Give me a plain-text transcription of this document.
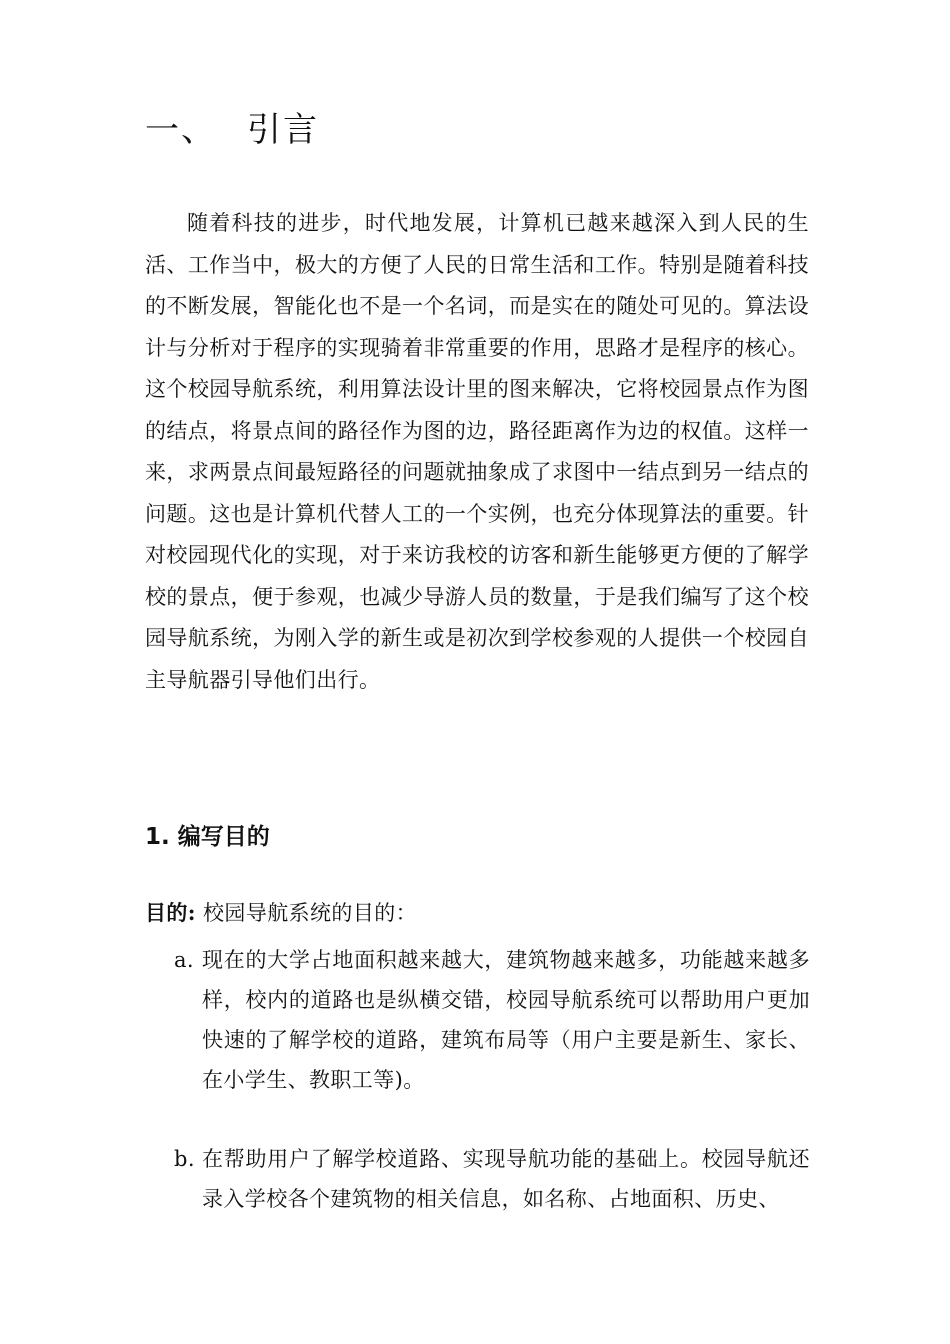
一、 引言

随着科技的进步，时代地发展，计算机已越来越深入到人民的生活、工作当中，极大的方便了人民的日常生活和工作。特别是随着科技的不断发展，智能化也不是一个名词，而是实在的随处可见的。算法设计与分析对于程序的实现骑着非常重要的作用，思路才是程序的核心。这个校园导航系统，利用算法设计里的图来解决，它将校园景点作为图的结点，将景点间的路径作为图的边，路径距离作为边的权值。这样一来，求两景点间最短路径的问题就抽象成了求图中一结点到另一结点的问题。这也是计算机代替人工的一个实例，也充分体现算法的重要。针对校园现代化的实现，对于来访我校的访客和新生能够更方便的了解学校的景点，便于参观，也减少导游人员的数量，于是我们编写了这个校园导航系统，为刚入学的新生或是初次到学校参观的人提供一个校园自主导航器引导他们出行。

1. 编写目的
目的: 校园导航系统的目的：
a. 现在的大学占地面积越来越大，建筑物越来越多，功能越来越多样，校内的道路也是纵横交错，校园导航系统可以帮助用户更加快速的了解学校的道路，建筑布局等（用户主要是新生、家长、在小学生、教职工等)。
b. 在帮助用户了解学校道路、实现导航功能的基础上。校园导航还录入学校各个建筑物的相关信息，如名称、占地面积、历史、
